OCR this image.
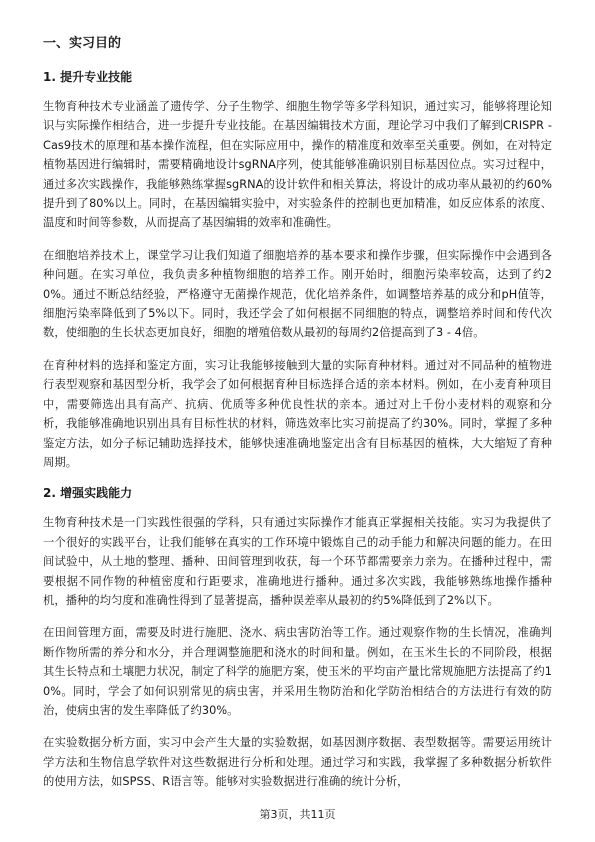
一、实习目的
1. 提升专业技能
生物育种技术专业涵盖了遗传学、分子生物学、细胞生物学等多学科知识，通过实习，能够将理论知识与实际操作相结合，进一步提升专业技能。在基因编辑技术方面，理论学习中我们了解到CRISPR - Cas9技术的原理和基本操作流程，但在实际应用中，操作的精准度和效率至关重要。例如，在对特定植物基因进行编辑时，需要精确地设计sgRNA序列，使其能够准确识别目标基因位点。实习过程中，通过多次实践操作，我能够熟练掌握sgRNA的设计软件和相关算法，将设计的成功率从最初的约60%提升到了80%以上。同时，在基因编辑实验中，对实验条件的控制也更加精准，如反应体系的浓度、温度和时间等参数，从而提高了基因编辑的效率和准确性。
在细胞培养技术上，课堂学习让我们知道了细胞培养的基本要求和操作步骤，但实际操作中会遇到各种问题。在实习单位，我负责多种植物细胞的培养工作。刚开始时，细胞污染率较高，达到了约20%。通过不断总结经验，严格遵守无菌操作规范，优化培养条件，如调整培养基的成分和pH值等，细胞污染率降低到了5%以下。同时，我还学会了如何根据不同细胞的特点，调整培养时间和传代次数，使细胞的生长状态更加良好，细胞的增殖倍数从最初的每周约2倍提高到了3 - 4倍。
在育种材料的选择和鉴定方面，实习让我能够接触到大量的实际育种材料。通过对不同品种的植物进行表型观察和基因型分析，我学会了如何根据育种目标选择合适的亲本材料。例如，在小麦育种项目中，需要筛选出具有高产、抗病、优质等多种优良性状的亲本。通过对上千份小麦材料的观察和分析，我能够准确地识别出具有目标性状的材料，筛选效率比实习前提高了约30%。同时，掌握了多种鉴定方法，如分子标记辅助选择技术，能够快速准确地鉴定出含有目标基因的植株，大大缩短了育种周期。
2. 增强实践能力
生物育种技术是一门实践性很强的学科，只有通过实际操作才能真正掌握相关技能。实习为我提供了一个很好的实践平台，让我们能够在真实的工作环境中锻炼自己的动手能力和解决问题的能力。在田间试验中，从土地的整理、播种、田间管理到收获，每一个环节都需要亲力亲为。在播种过程中，需要根据不同作物的种植密度和行距要求，准确地进行播种。通过多次实践，我能够熟练地操作播种机，播种的均匀度和准确性得到了显著提高，播种误差率从最初的约5%降低到了2%以下。
在田间管理方面，需要及时进行施肥、浇水、病虫害防治等工作。通过观察作物的生长情况，准确判断作物所需的养分和水分，并合理调整施肥和浇水的时间和量。例如，在玉米生长的不同阶段，根据其生长特点和土壤肥力状况，制定了科学的施肥方案，使玉米的平均亩产量比常规施肥方法提高了约10%。同时，学会了如何识别常见的病虫害，并采用生物防治和化学防治相结合的方法进行有效的防治，使病虫害的发生率降低了约30%。
在实验数据分析方面，实习中会产生大量的实验数据，如基因测序数据、表型数据等。需要运用统计学方法和生物信息学软件对这些数据进行分析和处理。通过学习和实践，我掌握了多种数据分析软件的使用方法，如SPSS、R语言等。能够对实验数据进行准确的统计分析，
第3页，共11页
